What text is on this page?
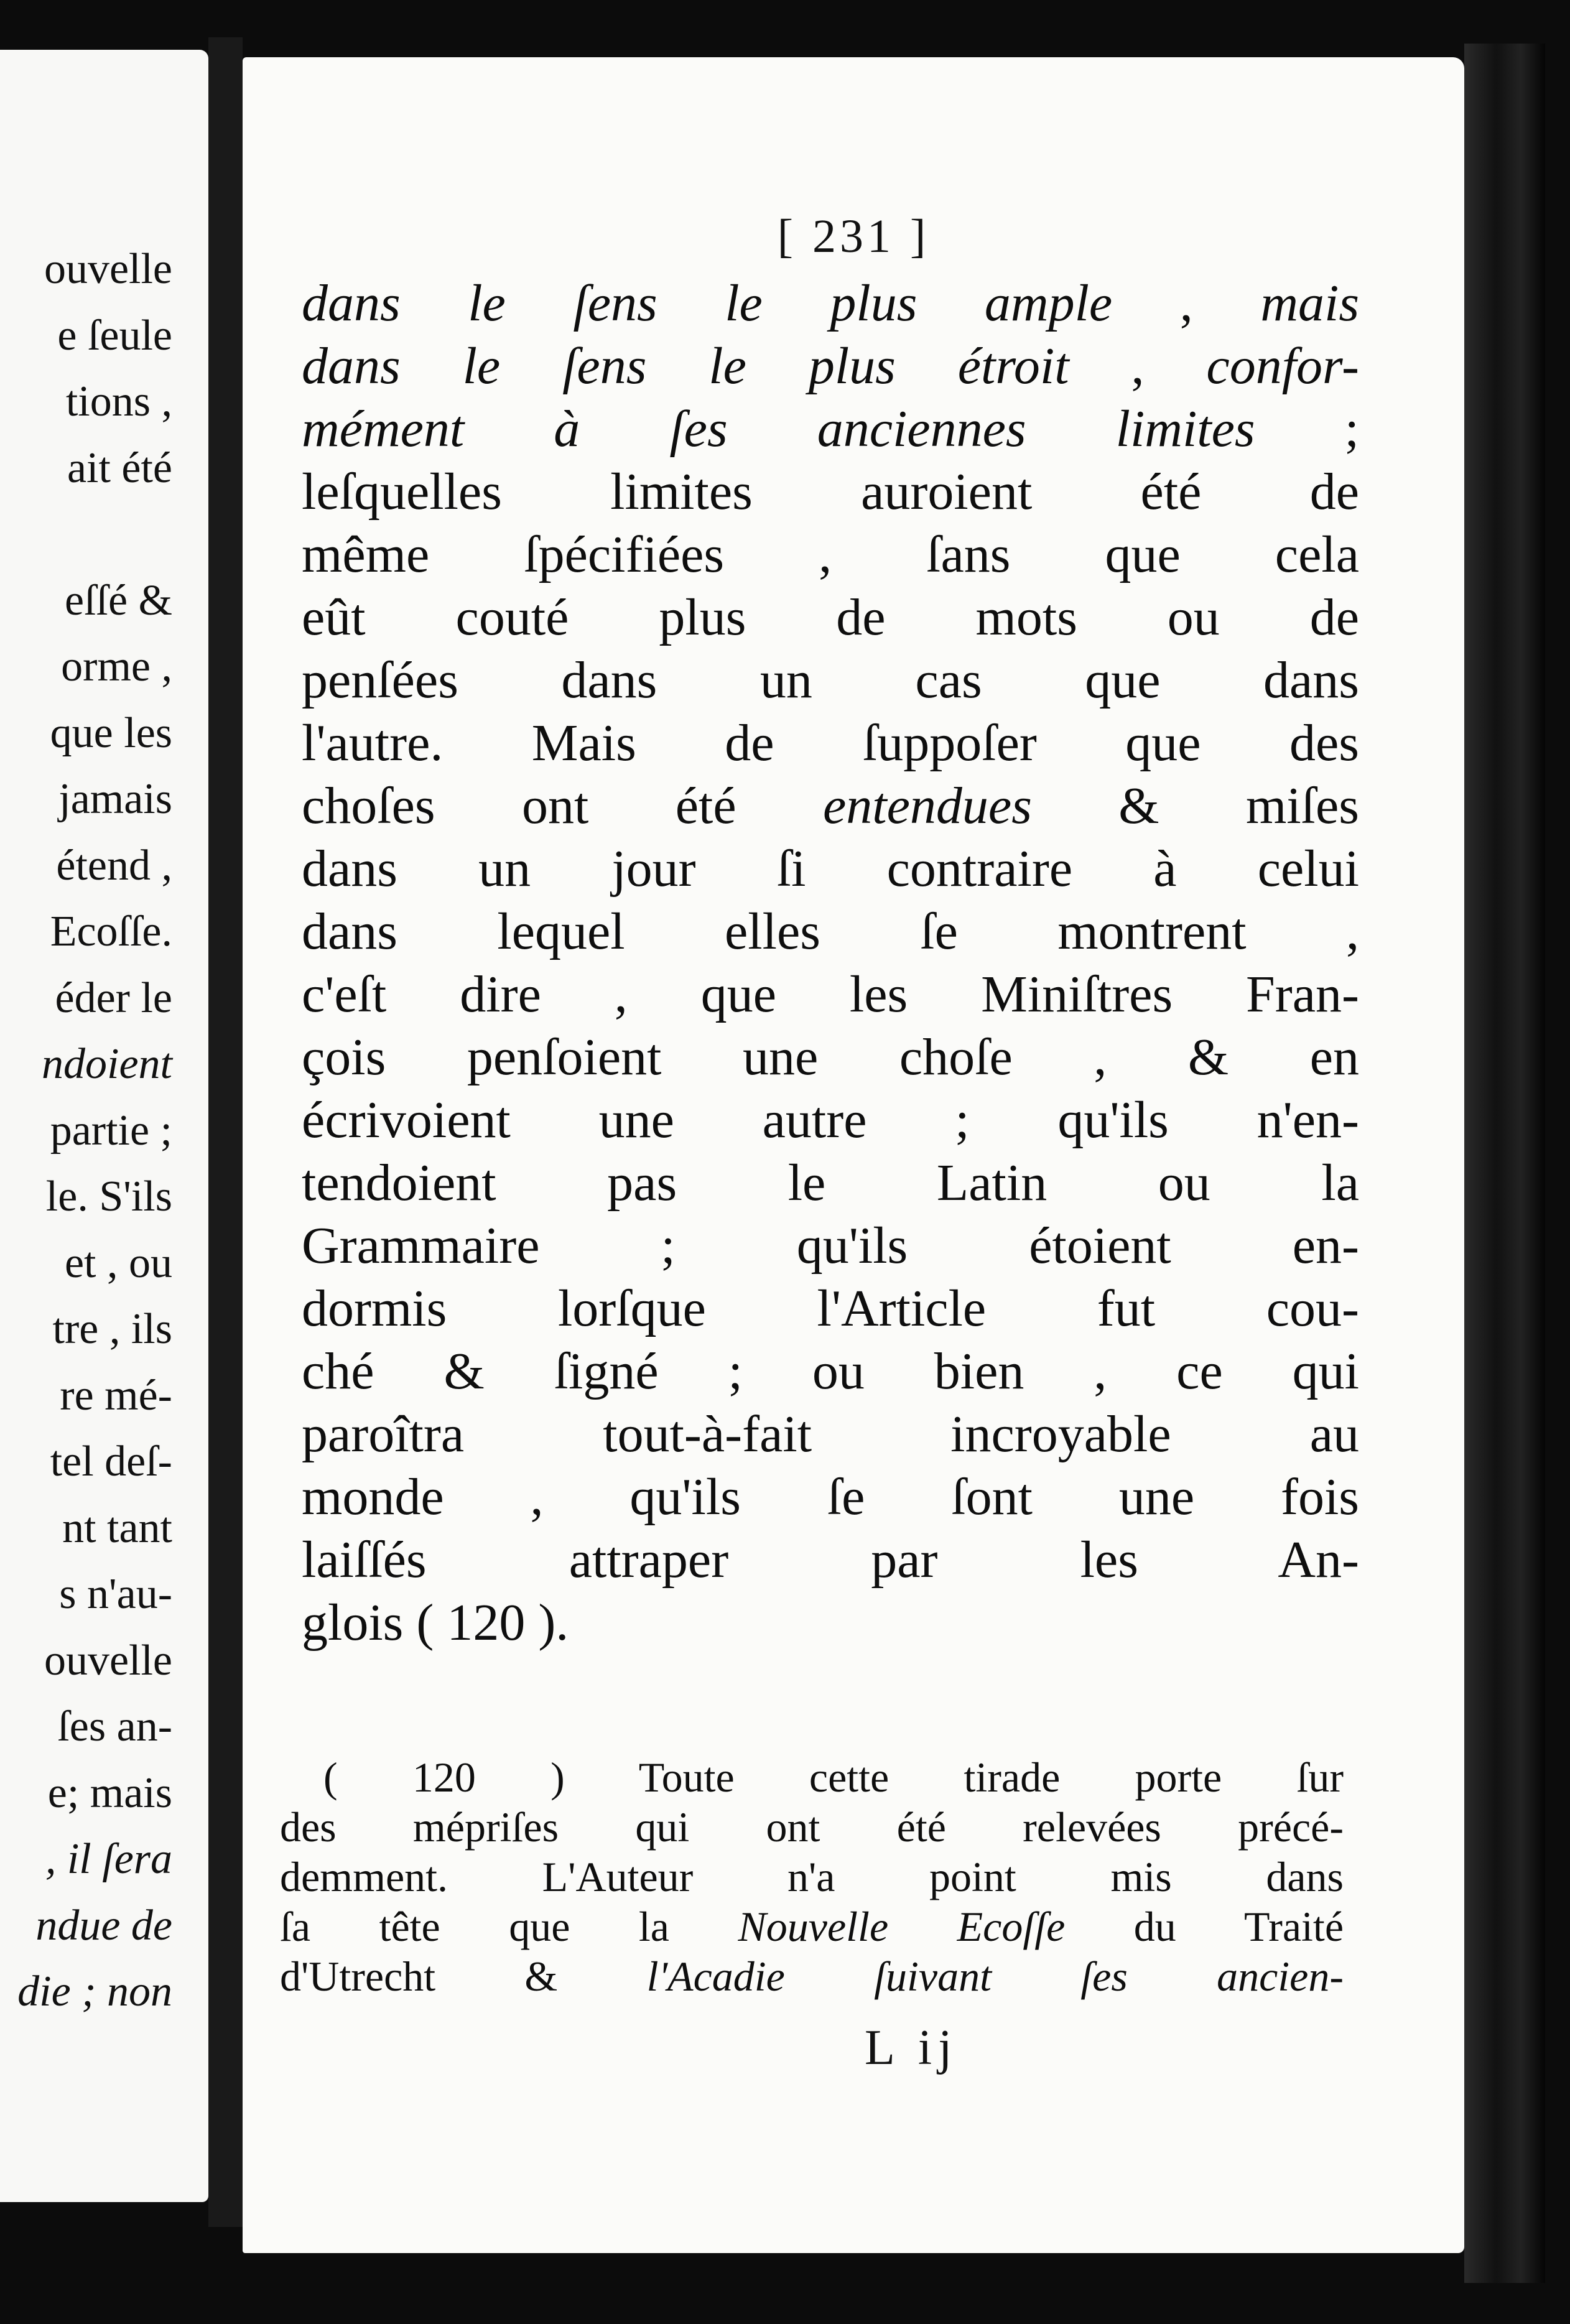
ouvelle
e ſeule
tions ,
ait été
eſſé &
orme ,
que les
jamais
étend ,
Ecoſſe.
éder le
ndoient
partie ;
le. S'ils
et , ou
tre , ils
re mé-
tel deſ-
nt tant
s n'au-
ouvelle
ſes an-
e; mais
, il ſera
ndue de
die ; non
[ 231 ]
dans le ſens le plus ample , mais
dans le ſens le plus étroit , confor-
mément à ſes anciennes limites ;
leſquelles limites auroient été de
même ſpécifiées , ſans que cela
eût couté plus de mots ou de
penſées dans un cas que dans
l'autre. Mais de ſuppoſer que des
choſes ont été entendues & miſes
dans un jour ſi contraire à celui
dans lequel elles ſe montrent ,
c'eſt dire , que les Miniſtres Fran-
çois penſoient une choſe , & en
écrivoient une autre ; qu'ils n'en-
tendoient pas le Latin ou la
Grammaire ; qu'ils étoient en-
dormis lorſque l'Article fut cou-
ché & ſigné ; ou bien , ce qui
paroîtra tout-à-fait incroyable au
monde , qu'ils ſe ſont une fois
laiſſés attraper par les An-
glois ( 120 ).
( 120 ) Toute cette tirade porte ſur
des mépriſes qui ont été relevées précé-
demment. L'Auteur n'a point mis dans
ſa tête que la Nouvelle Ecoſſe du Traité
d'Utrecht & l'Acadie ſuivant ſes ancien-
L ij
